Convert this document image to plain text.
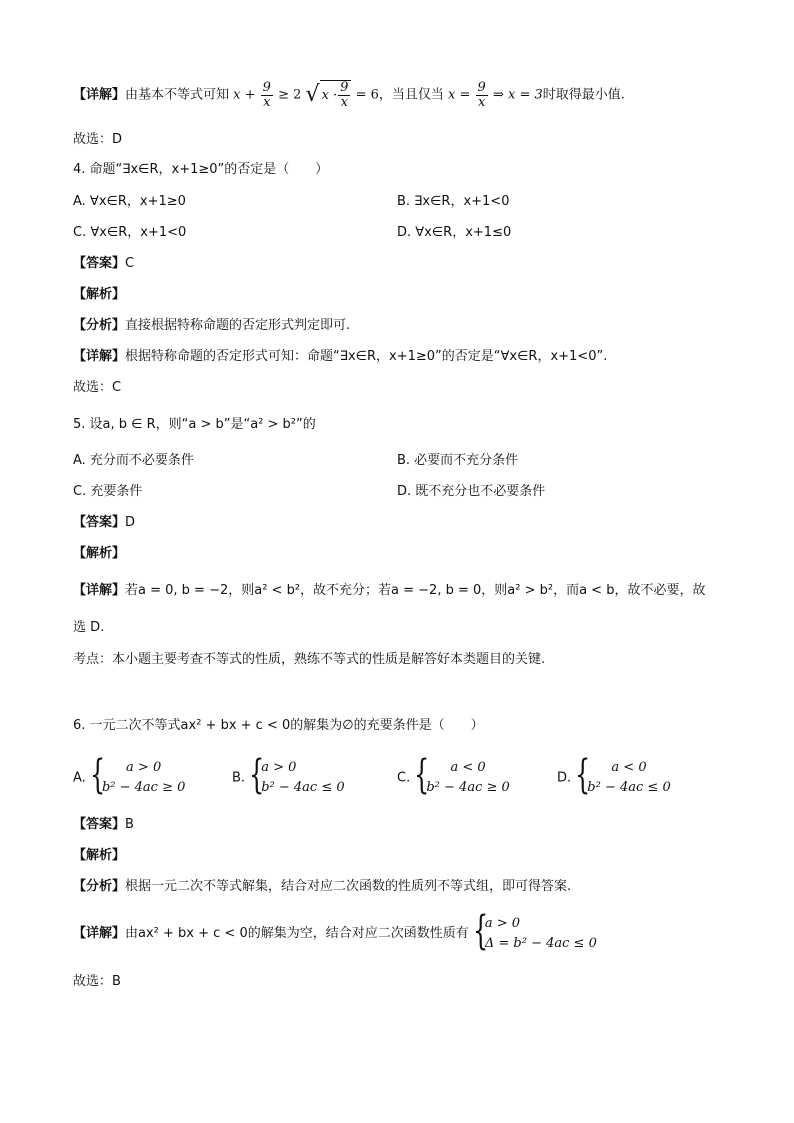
【详解】由基本不等式可知 $x + \frac{9}{x} \ge 2$ √ $x \cdot \frac{9}{x} = 6$，当且仅当 $x = \frac{9}{x}$ ⇒ x = 3时取得最小值.
故选：D
4. 命题“∃x∈R，x+1≥0”的否定是（　　）
A. ∀x∈R，x+1≥0	B. ∃x∈R，x+1<0
C. ∀x∈R，x+1<0	D. ∀x∈R，x+1≤0
【答案】C
【解析】
【分析】直接根据特称命题的否定形式判定即可.
【详解】根据特称命题的否定形式可知：命题“∃x∈R，x+1≥0”的否定是“∀x∈R，x+1<0”.
故选：C
5. 设a, b ∈ R，则“a > b”是“a² > b²”的
A. 充分而不必要条件	B. 必要而不充分条件
C. 充要条件	D. 既不充分也不必要条件
【答案】D
【解析】
【详解】若a = 0, b = −2，则a² < b²，故不充分；若a = −2, b = 0，则a² > b²，而a < b，故不必要，故
选 D.
考点：本小题主要考查不等式的性质，熟练不等式的性质是解答好本类题目的关键.
6. 一元二次不等式ax² + bx + c < 0的解集为∅的充要条件是（　　）
A. {	a > 0
b² − 4ac ≥ 0
B. {
a > 0
b² − 4ac ≤ 0
C. {	a < 0
b² − 4ac ≥ 0
D. {	a < 0
b² − 4ac ≤ 0
【答案】B
【解析】
【分析】根据一元二次不等式解集，结合对应二次函数的性质列不等式组，即可得答案.
【详解】由ax² + bx + c < 0的解集为空，结合对应二次函数性质有 {
a > 0
Δ = b² − 4ac ≤ 0
故选：B
